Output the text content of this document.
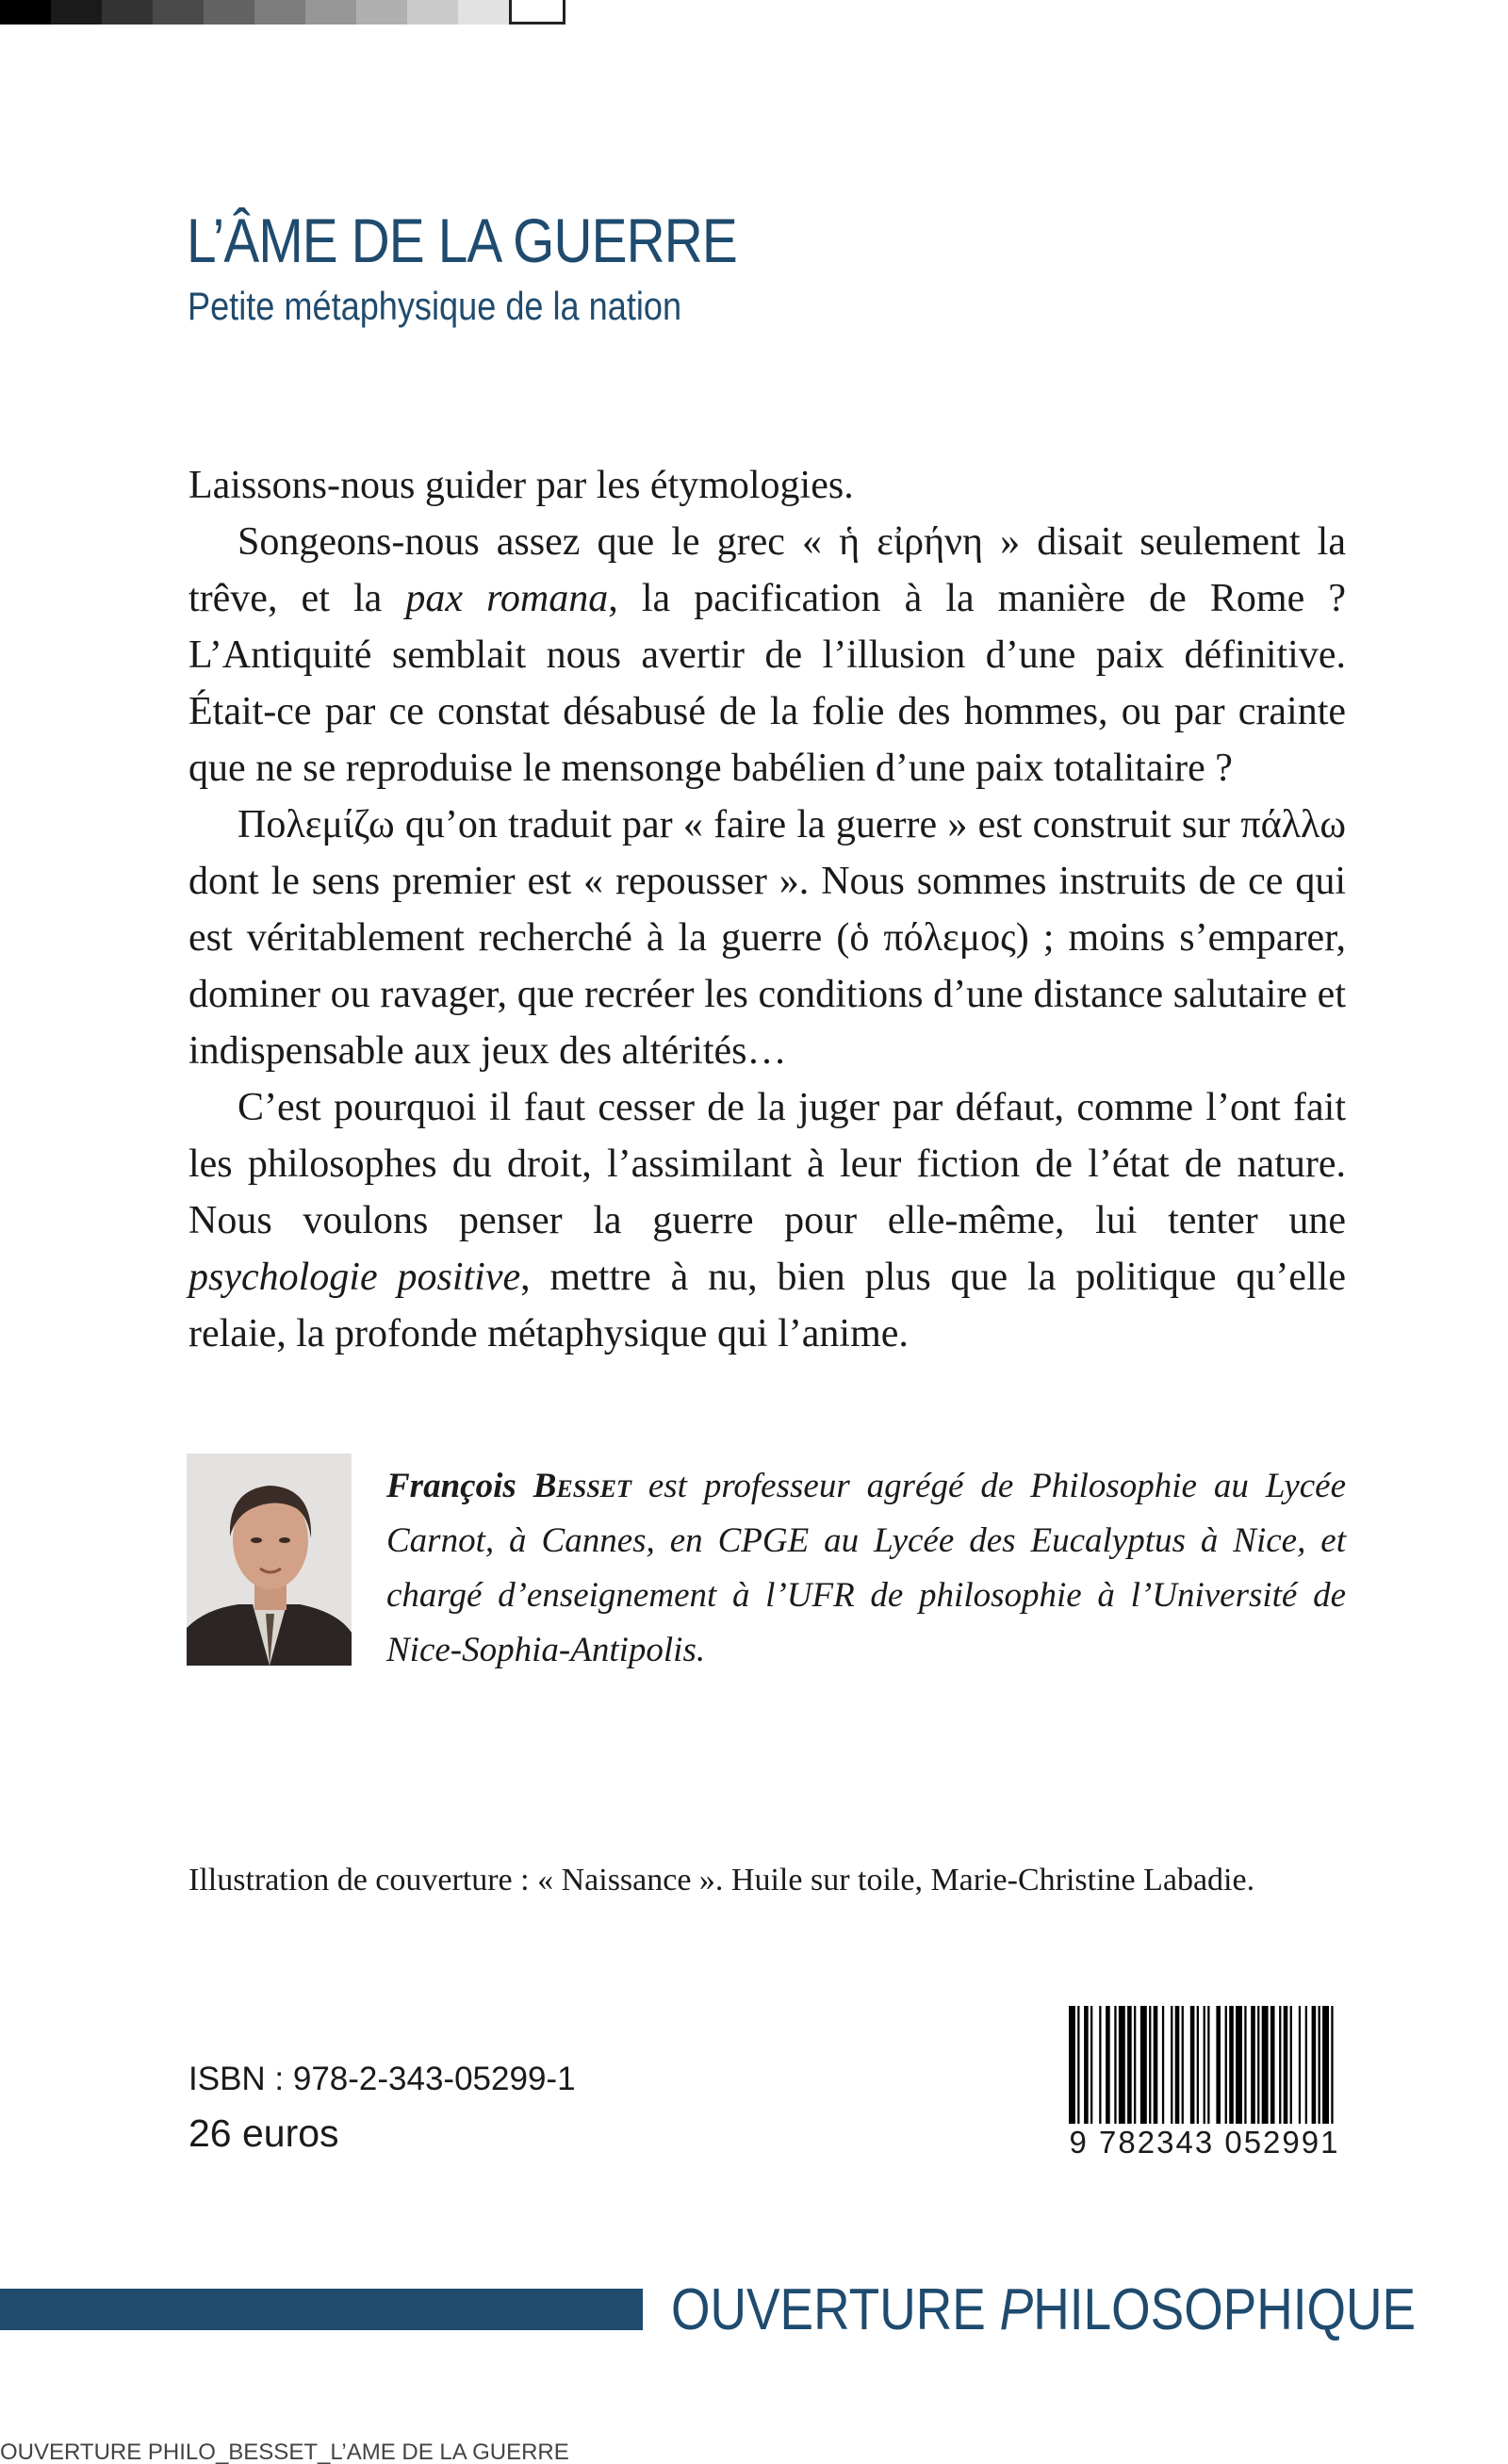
L’ÂME DE LA GUERRE
Petite métaphysique de la nation

Laissons-nous guider par les étymologies.

Songeons-nous assez que le grec « ἡ εἰρήνη » disait seulement la trêve, et la pax romana, la pacification à la manière de Rome ? L’Antiquité semblait nous avertir de l’illusion d’une paix définitive. Était-ce par ce constat désabusé de la folie des hommes, ou par crainte que ne se reproduise le mensonge babélien d’une paix totalitaire ?

Πολεμίζω qu’on traduit par « faire la guerre » est construit sur πάλλω dont le sens premier est « repousser ». Nous sommes instruits de ce qui est véritablement recherché à la guerre (ὁ πόλεμος) ; moins s’emparer, dominer ou ravager, que recréer les conditions d’une distance salutaire et indispensable aux jeux des altérités…

C’est pourquoi il faut cesser de la juger par défaut, comme l’ont fait les philosophes du droit, l’assimilant à leur fiction de l’état de nature. Nous voulons penser la guerre pour elle-même, lui tenter une psychologie positive, mettre à nu, bien plus que la politique qu’elle relaie, la profonde métaphysique qui l’anime.

François Besset est professeur agrégé de Philosophie au Lycée Carnot, à Cannes, en CPGE au Lycée des Eucalyptus à Nice, et chargé d’enseignement à l’UFR de philosophie à l’Université de Nice-Sophia-Antipolis.
Illustration de couverture : « Naissance ». Huile sur toile, Marie-Christine Labadie.
ISBN : 978-2-343-05299-1
26 euros	9 782343 052991
OUVERTURE PHILOSOPHIQUE
OUVERTURE PHILO_BESSET_L’AME DE LA GUERRE
